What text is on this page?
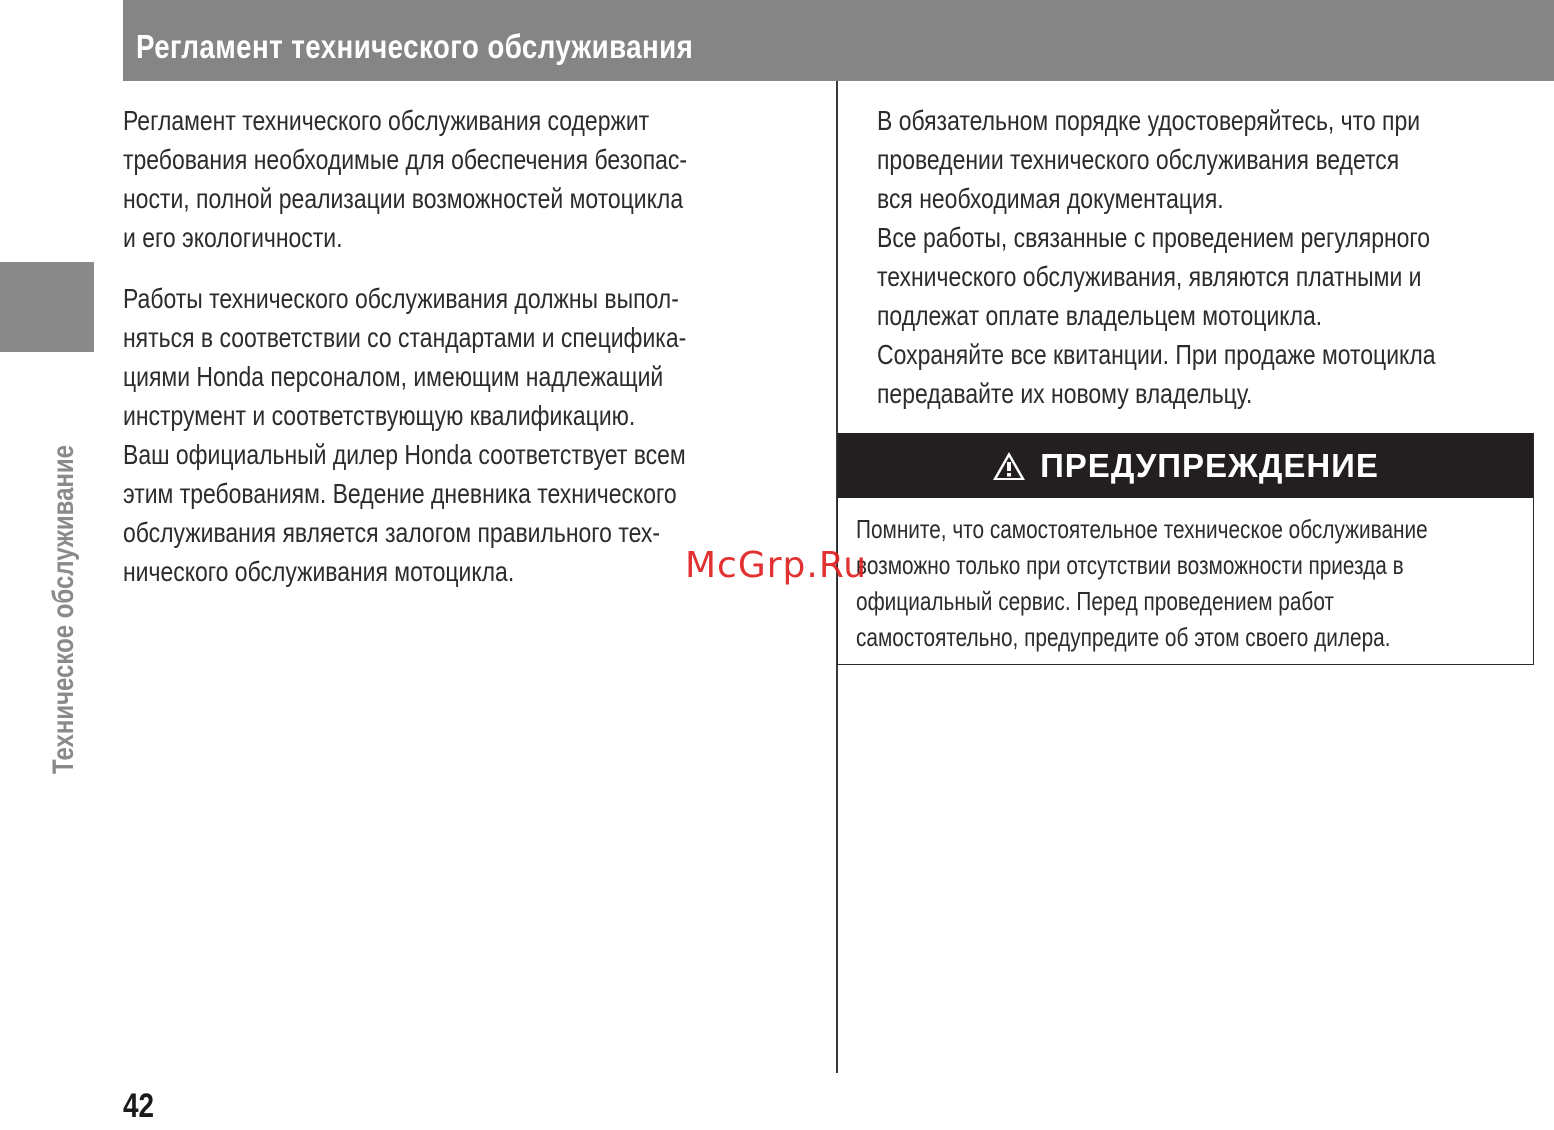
Регламент технического обслуживания
Техническое обслуживание
Регламент технического обслуживания содержит
требования необходимые для обеспечения безопас-
ности, полной реализации возможностей мотоцикла
и его экологичности.
Работы технического обслуживания должны выпол-
няться в соответствии со стандартами и специфика-
циями Honda персоналом, имеющим надлежащий
инструмент и соответствующую квалификацию.
Ваш официальный дилер Honda соответствует всем
этим требованиям. Ведение дневника технического
обслуживания является залогом правильного тех-
нического обслуживания мотоцикла.
В обязательном порядке удостоверяйтесь, что при
проведении технического обслуживания ведется
вся необходимая документация.
Все работы, связанные с проведением регулярного
технического обслуживания, являются платными и
подлежат оплате владельцем мотоцикла.
Сохраняйте все квитанции. При продаже мотоцикла
передавайте их новому владельцу.
ПРЕДУПРЕЖДЕНИЕ
Помните, что самостоятельное техническое обслуживание
возможно только при отсутствии возможности приезда в
официальный сервис. Перед проведением работ
самостоятельно, предупредите об этом своего дилера.
McGrp.Ru
42
